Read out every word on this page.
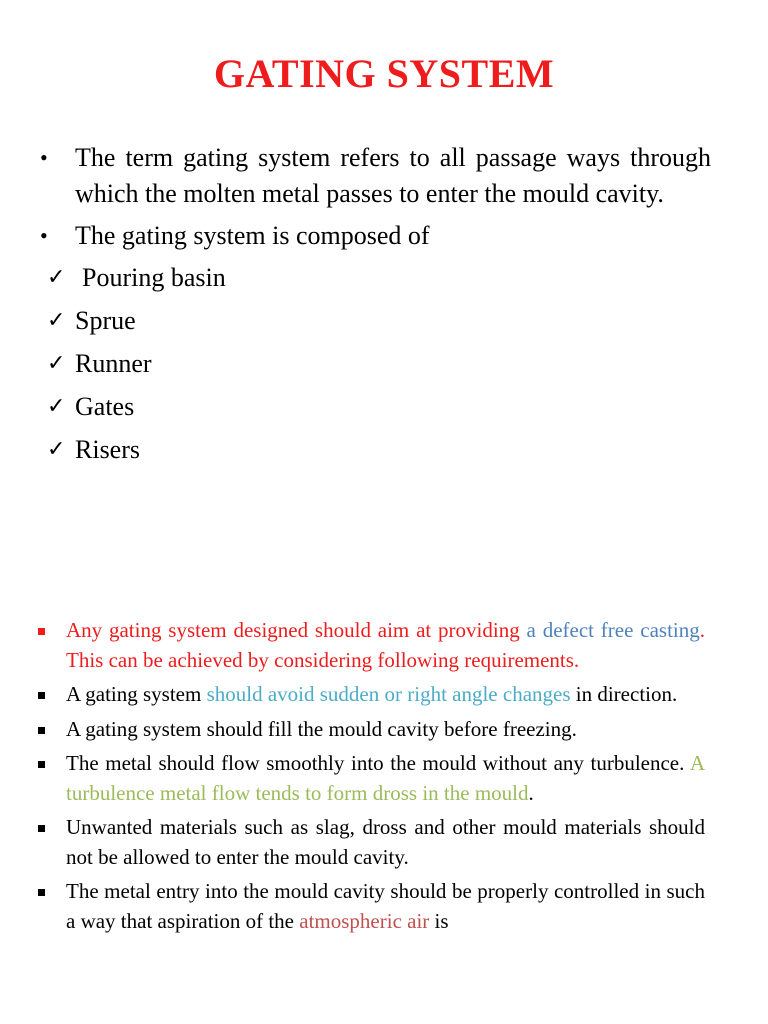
GATING SYSTEM
• The term gating system refers to all passage ways through which the molten metal passes to enter the mould cavity.
• The gating system is composed of
✓ Pouring basin
✓ Sprue
✓ Runner
✓ Gates
✓ Risers
Any gating system designed should aim at providing a defect free casting. This can be achieved by considering following requirements.
A gating system should avoid sudden or right angle changes in direction.
A gating system should fill the mould cavity before freezing.
The metal should flow smoothly into the mould without any turbulence. A turbulence metal flow tends to form dross in the mould.
Unwanted materials such as slag, dross and other mould materials should not be allowed to enter the mould cavity.
The metal entry into the mould cavity should be properly controlled in such a way that aspiration of the atmospheric air is
